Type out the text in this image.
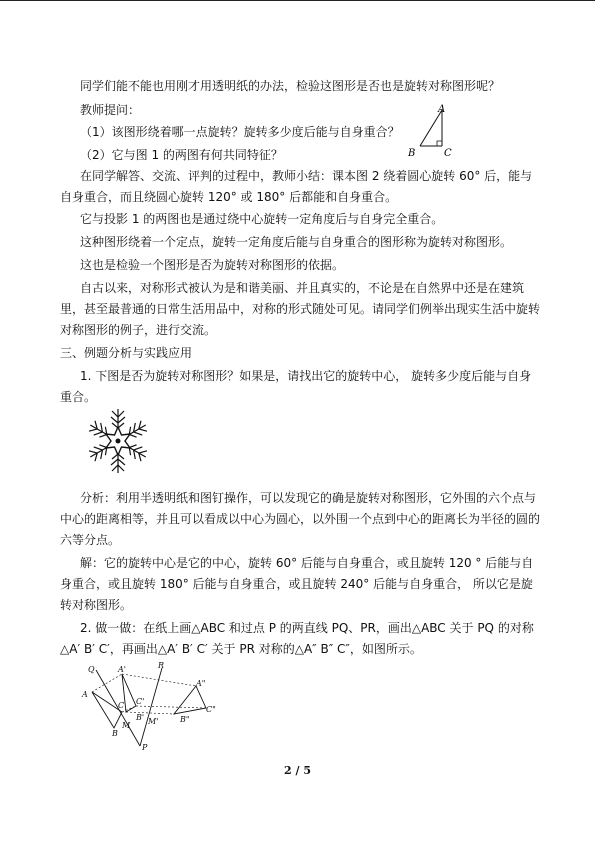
同学们能不能也用刚才用透明纸的办法，检验这图形是否也是旋转对称图形呢？

教师提问：

（1）该图形绕着哪一点旋转？旋转多少度后能与自身重合？

（2）它与图 1 的两图有何共同特征？

A
B	C

在同学解答、交流、评判的过程中，教师小结：课本图 2 绕着圆心旋转 60° 后，能与自身重合，而且绕圆心旋转 120° 或 180° 后都能和自身重合。

它与投影 1 的两图也是通过绕中心旋转一定角度后与自身完全重合。

这种图形绕着一个定点，旋转一定角度后能与自身重合的图形称为旋转对称图形。

这也是检验一个图形是否为旋转对称图形的依据。

自古以来，对称形式被认为是和谐美丽、并且真实的，不论是在自然界中还是在建筑里，甚至最普通的日常生活用品中，对称的形式随处可见。请同学们例举出现实生活中旋转对称图形的例子，进行交流。

三、例题分析与实践应用

1. 下图是否为旋转对称图形？如果是，请找出它的旋转中心， 旋转多少度后能与自身重合。

分析：利用半透明纸和图钉操作，可以发现它的确是旋转对称图形，它外围的六个点与中心的距离相等，并且可以看成以中心为圆心，以外围一个点到中心的距离长为半径的圆的六等分点。

解：它的旋转中心是它的中心，旋转 60° 后能与自身重合，或且旋转 120 ° 后能与自身重合，或且旋转 180° 后能与自身重合，或且旋转 240° 后能与自身重合， 所以它是旋转对称图形。

2. 做一做：在纸上画△ABC 和过点 P 的两直线 PQ、PR，画出△ABC 关于 PQ 的对称△A′ B′ C′，再画出△A′ B′ C′ 关于 PR 对称的△A″ B″ C″，如图所示。

Q	R
A
A'
A"
C C'
C"
B
B'	B"
M M'
P
2 / 5
